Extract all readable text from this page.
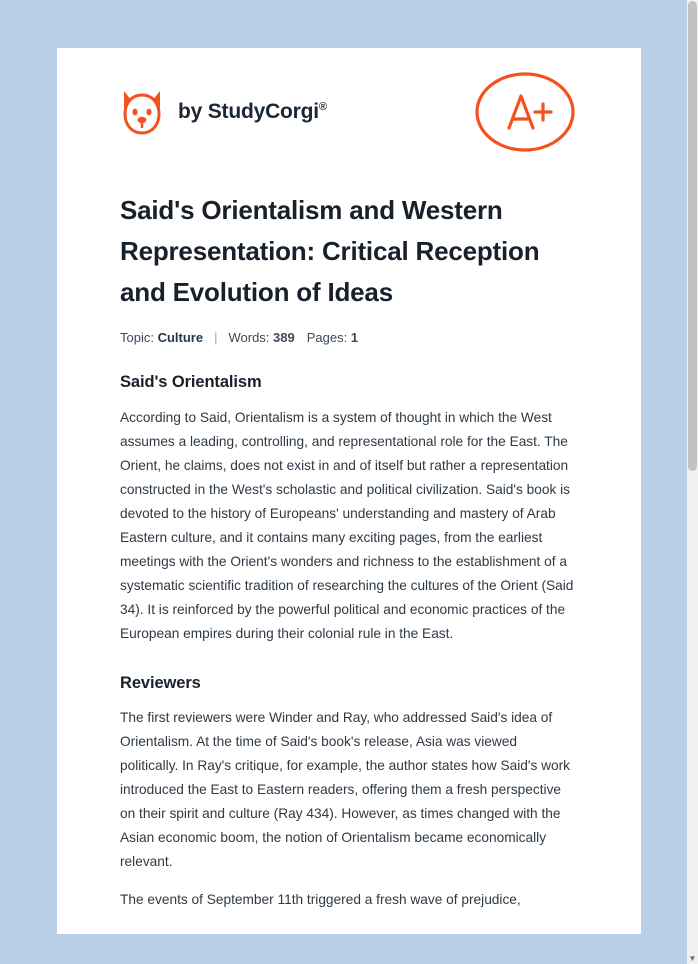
by StudyCorgi®
Said's Orientalism and Western Representation: Critical Reception and Evolution of Ideas
Topic:
Culture | Words:
389 Pages:
1
Said's Orientalism

According to Said, Orientalism is a system of thought in which the West assumes a leading, controlling, and representational role for the East. The Orient, he claims, does not exist in and of itself but rather a representation constructed in the West's scholastic and political civilization. Said's book is devoted to the history of Europeans' understanding and mastery of Arab Eastern culture, and it contains many exciting pages, from the earliest meetings with the Orient's wonders and richness to the establishment of a systematic scientific tradition of researching the cultures of the Orient (Said 34). It is reinforced by the powerful political and economic practices of the European empires during their colonial rule in the East.

Reviewers

The first reviewers were Winder and Ray, who addressed Said's idea of Orientalism. At the time of Said's book's release, Asia was viewed politically. In Ray's critique, for example, the author states how Said's work introduced the East to Eastern readers, offering them a fresh perspective on their spirit and culture (Ray 434). However, as times changed with the Asian economic boom, the notion of Orientalism became economically relevant.

The events of September 11th triggered a fresh wave of prejudice,

▼
